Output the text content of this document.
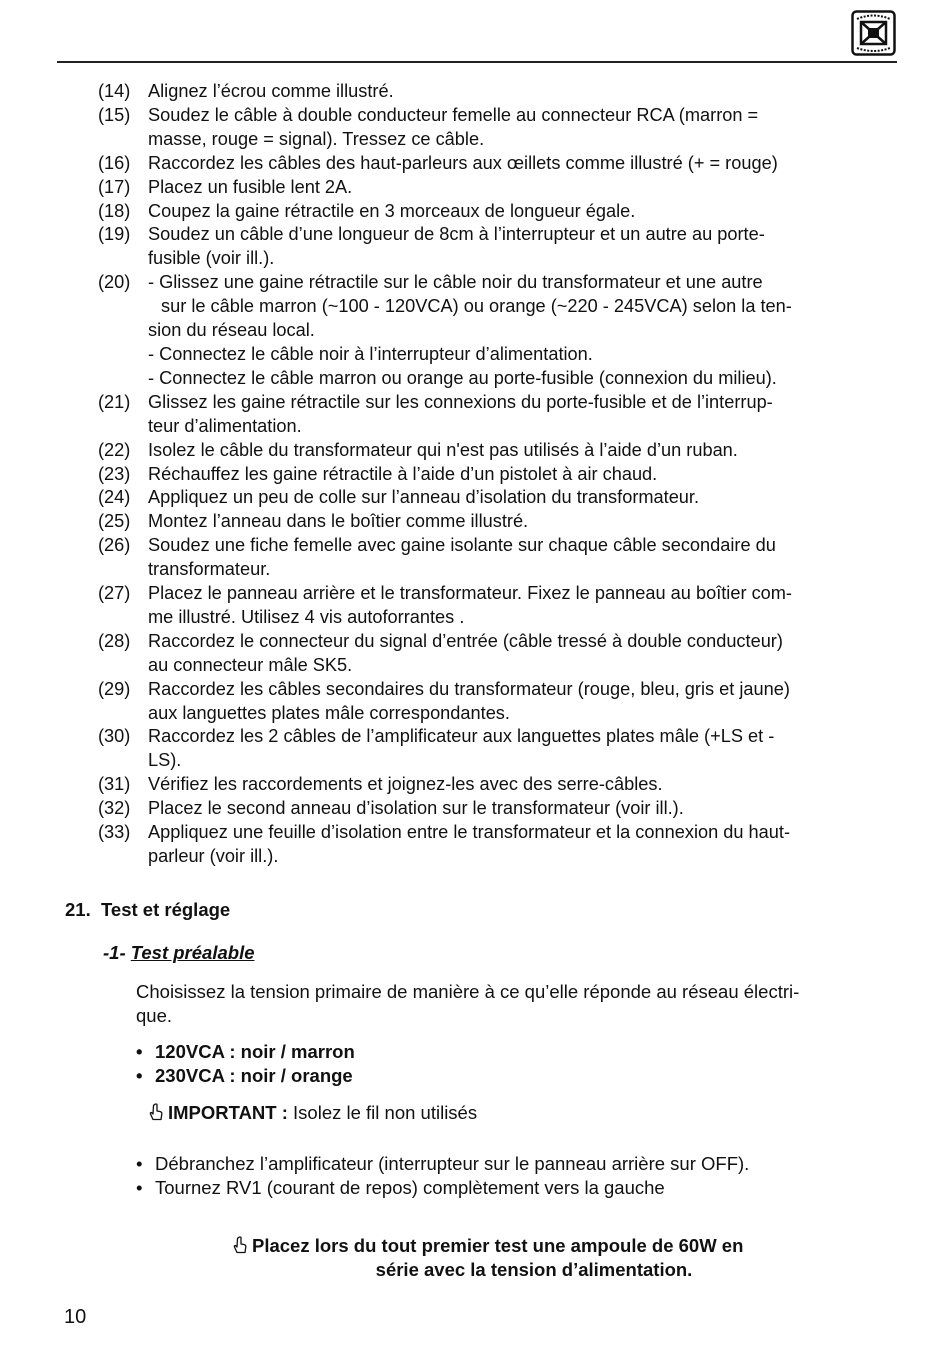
(14) Alignez l’écrou comme illustré.
(15) Soudez le câble à double conducteur femelle au connecteur RCA (marron =
masse, rouge = signal). Tressez ce câble.
(16) Raccordez les câbles des haut-parleurs aux œillets comme illustré (+ = rouge)
(17) Placez un fusible lent 2A.
(18) Coupez la gaine rétractile en 3 morceaux de longueur égale.
(19) Soudez un câble d’une longueur de 8cm à l’interrupteur et un autre au porte-
fusible (voir ill.).
(20) - Glissez une gaine rétractile sur le câble noir du transformateur et une autre
sur le câble marron (~100 - 120VCA) ou orange (~220 - 245VCA) selon la ten-
sion du réseau local.
- Connectez le câble noir à l’interrupteur d’alimentation.
- Connectez le câble marron ou orange au porte-fusible (connexion du milieu).
(21) Glissez les gaine rétractile sur les connexions du porte-fusible et de l’interrup-
teur d’alimentation.
(22) Isolez le câble du transformateur qui n'est pas utilisés à l’aide d’un ruban.
(23) Réchauffez les gaine rétractile à l’aide d’un pistolet à air chaud.
(24) Appliquez un peu de colle sur l’anneau d’isolation du transformateur.
(25) Montez l’anneau dans le boîtier comme illustré.
(26) Soudez une fiche femelle avec gaine isolante sur chaque câble secondaire du
transformateur.
(27) Placez le panneau arrière et le transformateur. Fixez le panneau au boîtier com-
me illustré. Utilisez 4 vis autoforrantes .
(28) Raccordez le connecteur du signal d’entrée (câble tressé à double conducteur)
au connecteur mâle SK5.
(29) Raccordez les câbles secondaires du transformateur (rouge, bleu, gris et jaune)
aux languettes plates mâle correspondantes.
(30) Raccordez les 2 câbles de l’amplificateur aux languettes plates mâle (+LS et -
LS).
(31) Vérifiez les raccordements et joignez-les avec des serre-câbles.
(32) Placez le second anneau d’isolation sur le transformateur (voir ill.).
(33) Appliquez une feuille d’isolation entre le transformateur et la connexion du haut-
parleur (voir ill.).
21. Test et réglage
-1- Test préalable
Choisissez la tension primaire de manière à ce qu’elle réponde au réseau électri-
que.
• 120VCA : noir / marron
• 230VCA : noir / orange
IMPORTANT : Isolez le fil non utilisés
• Débranchez l’amplificateur (interrupteur sur le panneau arrière sur OFF).
• Tournez RV1 (courant de repos) complètement vers la gauche
Placez lors du tout premier test une ampoule de 60W en
série avec la tension d’alimentation.
10
